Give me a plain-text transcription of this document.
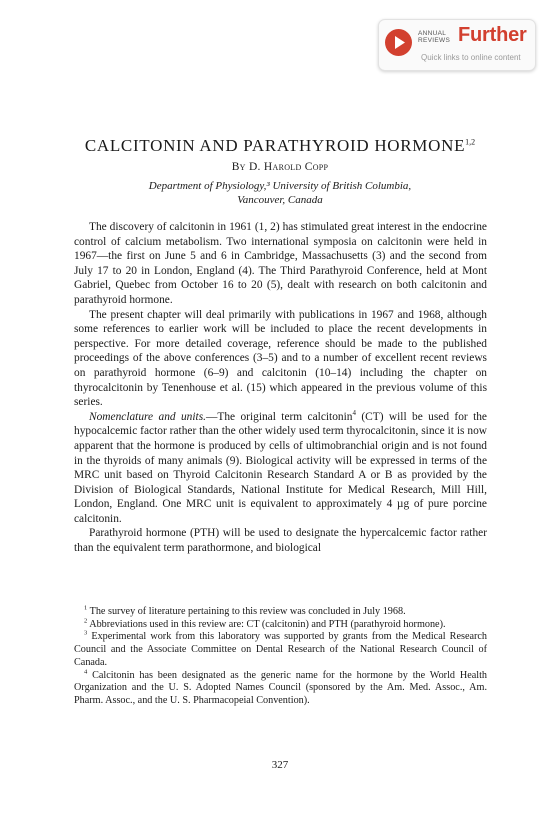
ANNUAL
REVIEWS Further
Quick links to online content
CALCITONIN AND PARATHYROID HORMONE$^{1,2}$
By D. Harold Copp
Department of Physiology,³ University of British Columbia,
Vancouver, Canada

The discovery of calcitonin in 1961 (1, 2) has stimulated great interest in the endocrine control of calcium metabolism. Two international symposia on calcitonin were held in 1967—the first on June 5 and 6 in Cambridge, Massachusetts (3) and the second from July 17 to 20 in London, England (4). The Third Parathyroid Conference, held at Mont Gabriel, Quebec from October 16 to 20 (5), dealt with research on both calcitonin and parathyroid hormone.

The present chapter will deal primarily with publications in 1967 and 1968, although some references to earlier work will be included to place the recent developments in perspective. For more detailed coverage, reference should be made to the published proceedings of the above conferences (3–5) and to a number of excellent recent reviews on parathyroid hormone (6–9) and calcitonin (10–14) including the chapter on thyrocalcitonin by Tenenhouse et al. (15) which appeared in the previous volume of this series.

Nomenclature and units.—The original term calcitonin$^4$ (CT) will be used for the hypocalcemic factor rather than the other widely used term thyrocalcitonin, since it is now apparent that the hormone is produced by cells of ultimobranchial origin and is not found in the thyroids of many animals (9). Biological activity will be expressed in terms of the MRC unit based on Thyroid Calcitonin Research Standard A or B as provided by the Division of Biological Standards, National Institute for Medical Research, Mill Hill, London, England. One MRC unit is equivalent to approximately 4 µg of pure porcine calcitonin.

Parathyroid hormone (PTH) will be used to designate the hypercalcemic factor rather than the equivalent term parathormone, and biological

$^1$ The survey of literature pertaining to this review was concluded in July 1968.

$^2$ Abbreviations used in this review are: CT (calcitonin) and PTH (parathyroid hormone).

$^3$ Experimental work from this laboratory was supported by grants from the Medical Research Council and the Associate Committee on Dental Research of the National Research Council of Canada.

$^4$ Calcitonin has been designated as the generic name for the hormone by the World Health Organization and the U. S. Adopted Names Council (sponsored by the Am. Med. Assoc., Am. Pharm. Assoc., and the U. S. Pharmacopeial Convention).

327
